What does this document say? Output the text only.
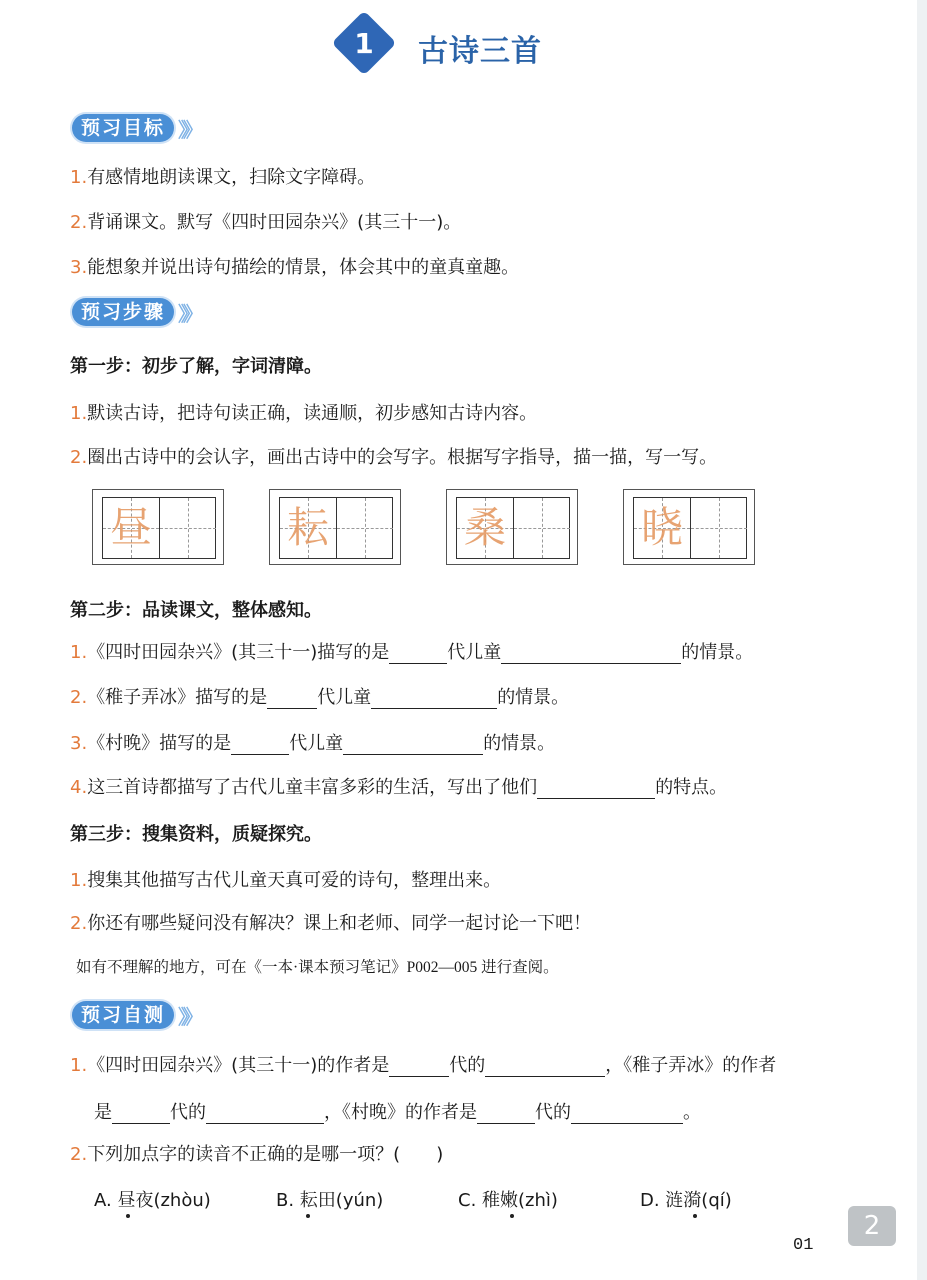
1	古诗三首
预习目标 》》
1.有感情地朗读课文，扫除文字障碍。
2.背诵课文。默写《四时田园杂兴》(其三十一)。
3.能想象并说出诗句描绘的情景，体会其中的童真童趣。
预习步骤 》》
第一步：初步了解，字词清障。
1.默读古诗，把诗句读正确，读通顺，初步感知古诗内容。
2.圈出古诗中的会认字，画出古诗中的会写字。根据写字指导，描一描，写一写。
昼	耘	桑	晓
第二步：品读课文，整体感知。
1.《四时田园杂兴》(其三十一)描写的是	代儿童	的情景。
2.《稚子弄冰》描写的是	代儿童	的情景。
3.《村晚》描写的是	代儿童	的情景。
4.这三首诗都描写了古代儿童丰富多彩的生活，写出了他们	的特点。
第三步：搜集资料，质疑探究。
1.搜集其他描写古代儿童天真可爱的诗句，整理出来。
2.你还有哪些疑问没有解决？课上和老师、同学一起讨论一下吧！
如有不理解的地方，可在《一本·课本预习笔记》P002—005 进行查阅。
预习自测 》》
1.《四时田园杂兴》(其三十一)的作者是	代的	，《稚子弄冰》的作者
是	代的	，《村晚》的作者是	代的	。
2.下列加点字的读音不正确的是哪一项？(　　)
A. 昼夜(zhòu)	B. 耘田(yún)	C. 稚嫩(zhì)	D. 涟漪(qí)
01
2
